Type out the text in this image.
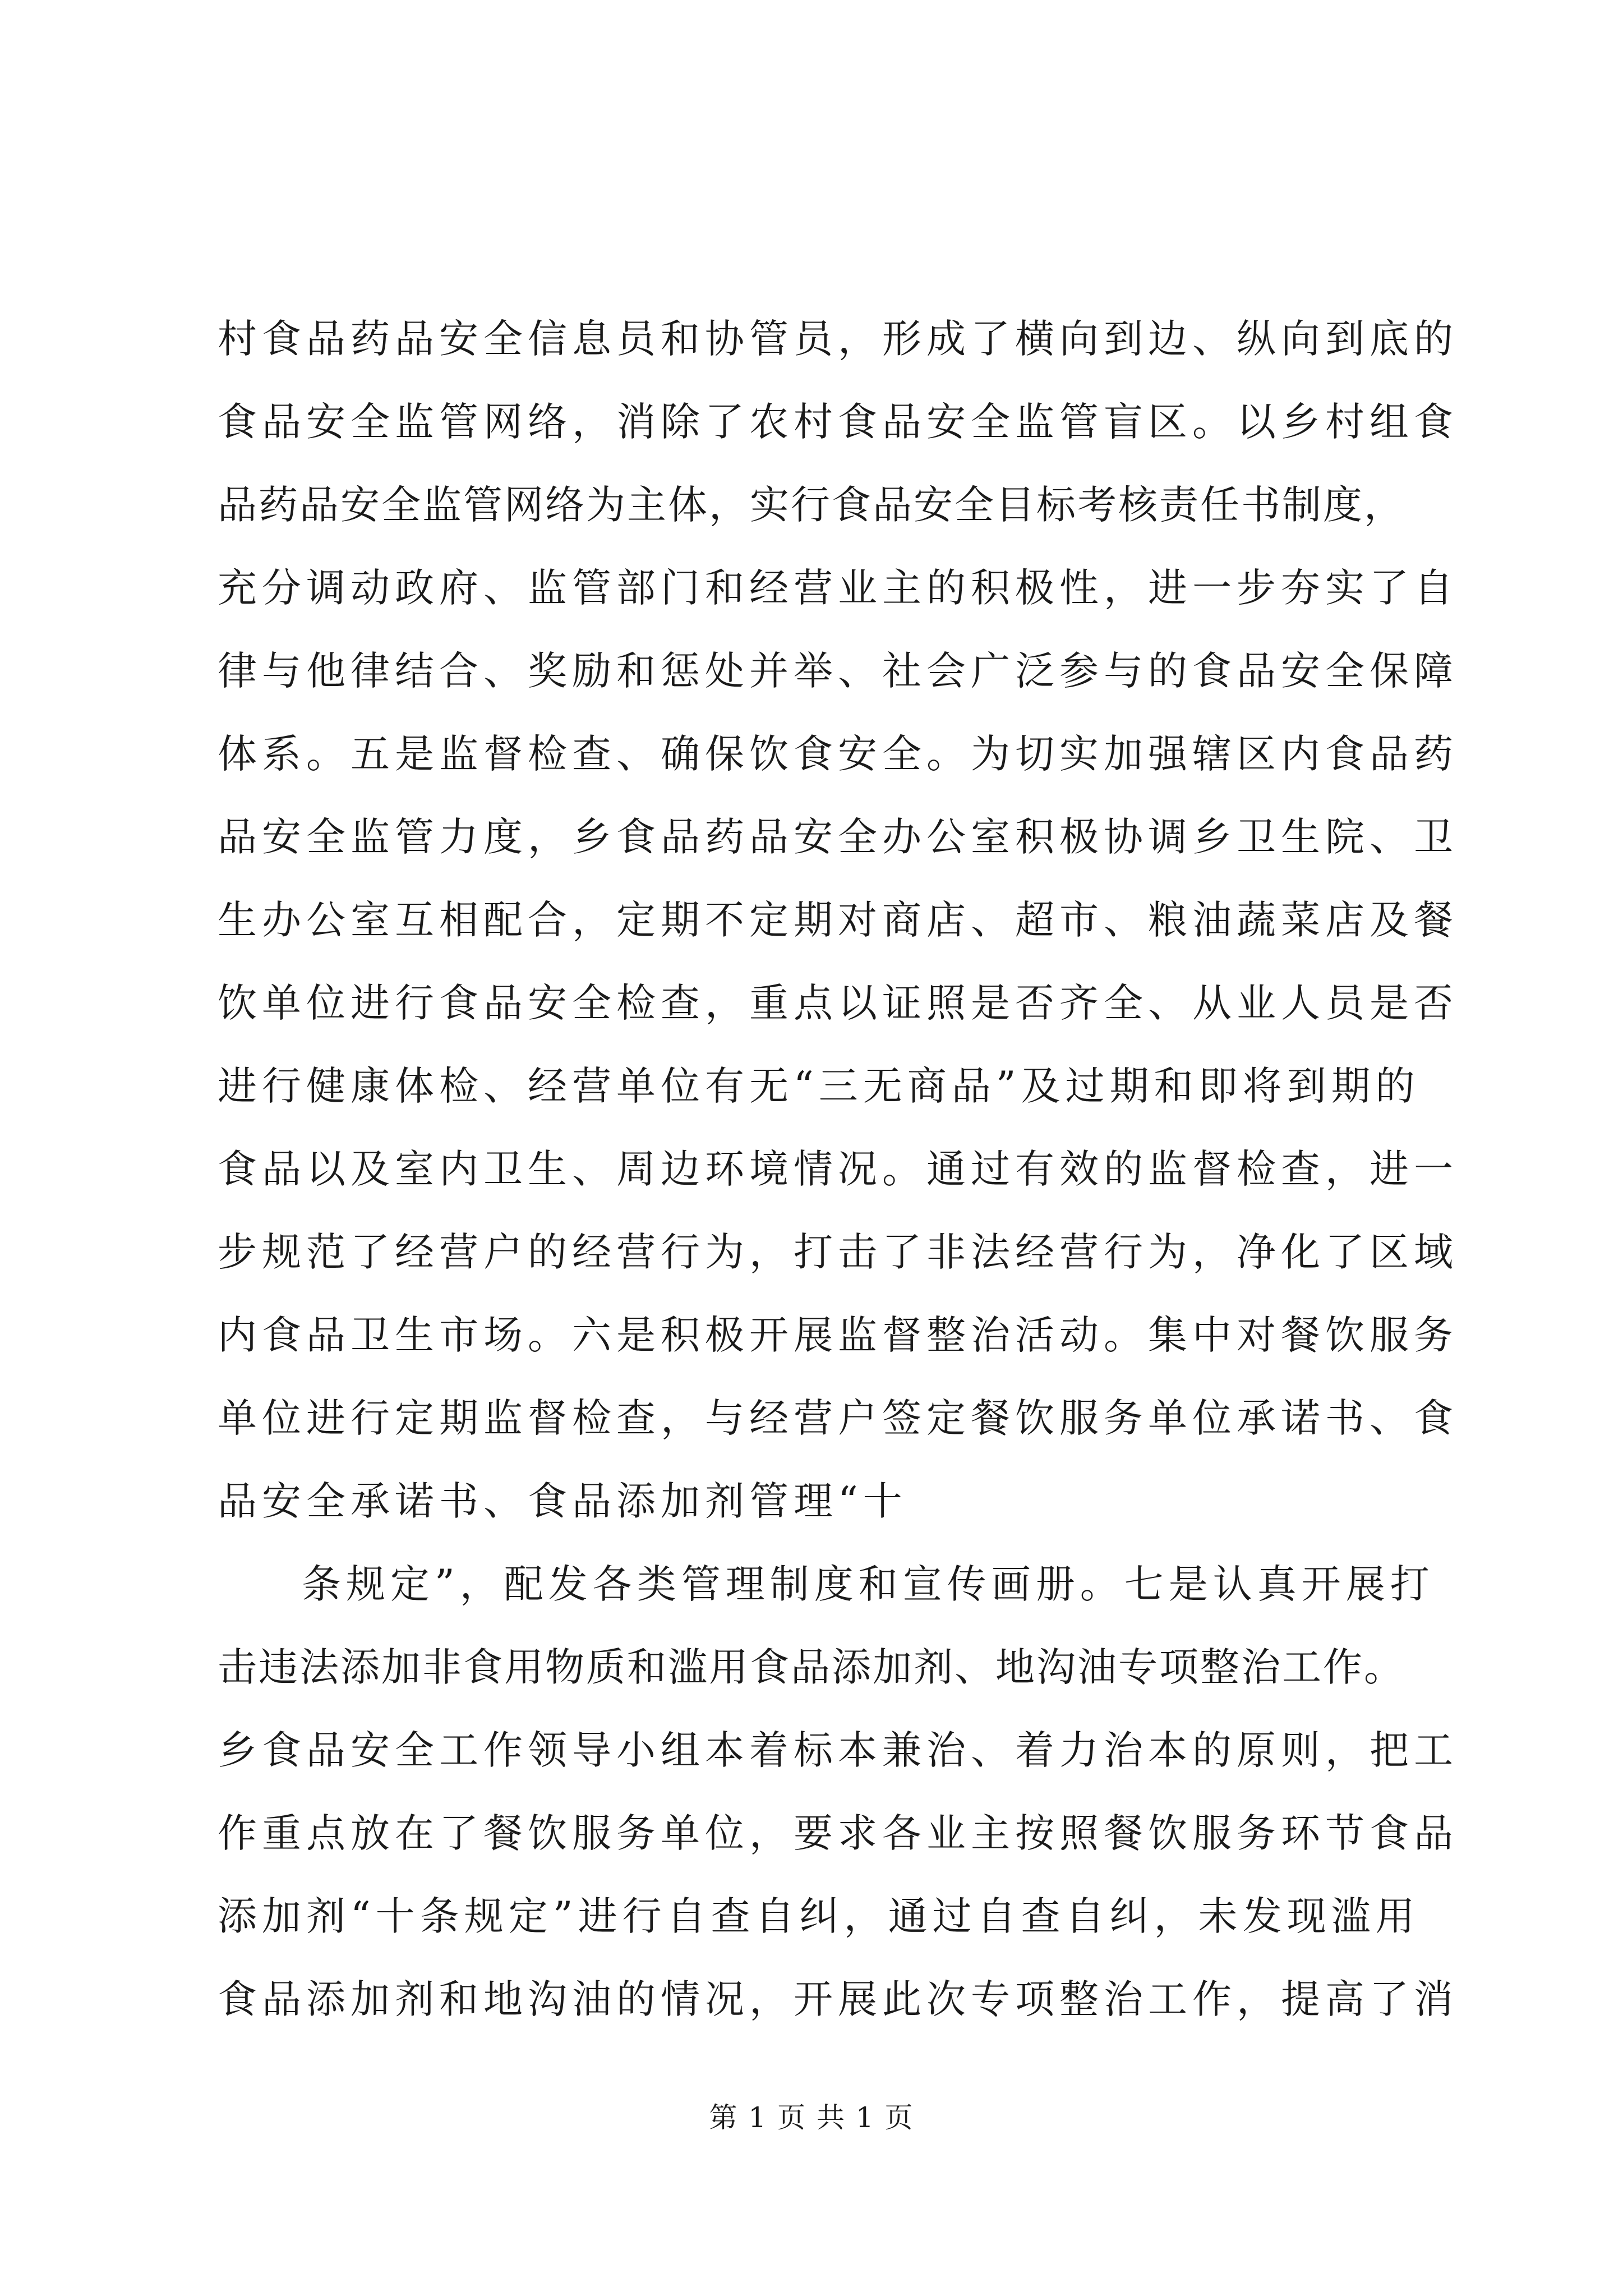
村食品药品安全信息员和协管员，形成了横向到边、纵向到底的
食品安全监管网络，消除了农村食品安全监管盲区。以乡村组食
品药品安全监管网络为主体，实行食品安全目标考核责任书制度，
充分调动政府、监管部门和经营业主的积极性，进一步夯实了自
律与他律结合、奖励和惩处并举、社会广泛参与的食品安全保障
体系。五是监督检查、确保饮食安全。为切实加强辖区内食品药
品安全监管力度，乡食品药品安全办公室积极协调乡卫生院、卫
生办公室互相配合，定期不定期对商店、超市、粮油蔬菜店及餐
饮单位进行食品安全检查，重点以证照是否齐全、从业人员是否
进行健康体检、经营单位有无“三无商品”及过期和即将到期的
食品以及室内卫生、周边环境情况。通过有效的监督检查，进一
步规范了经营户的经营行为，打击了非法经营行为，净化了区域
内食品卫生市场。六是积极开展监督整治活动。集中对餐饮服务
单位进行定期监督检查，与经营户签定餐饮服务单位承诺书、食
品安全承诺书、食品添加剂管理“十
条规定”，配发各类管理制度和宣传画册。七是认真开展打
击违法添加非食用物质和滥用食品添加剂、地沟油专项整治工作。
乡食品安全工作领导小组本着标本兼治、着力治本的原则，把工
作重点放在了餐饮服务单位，要求各业主按照餐饮服务环节食品
添加剂“十条规定”进行自查自纠，通过自查自纠，未发现滥用
食品添加剂和地沟油的情况，开展此次专项整治工作，提高了消
第 1 页 共 1 页
